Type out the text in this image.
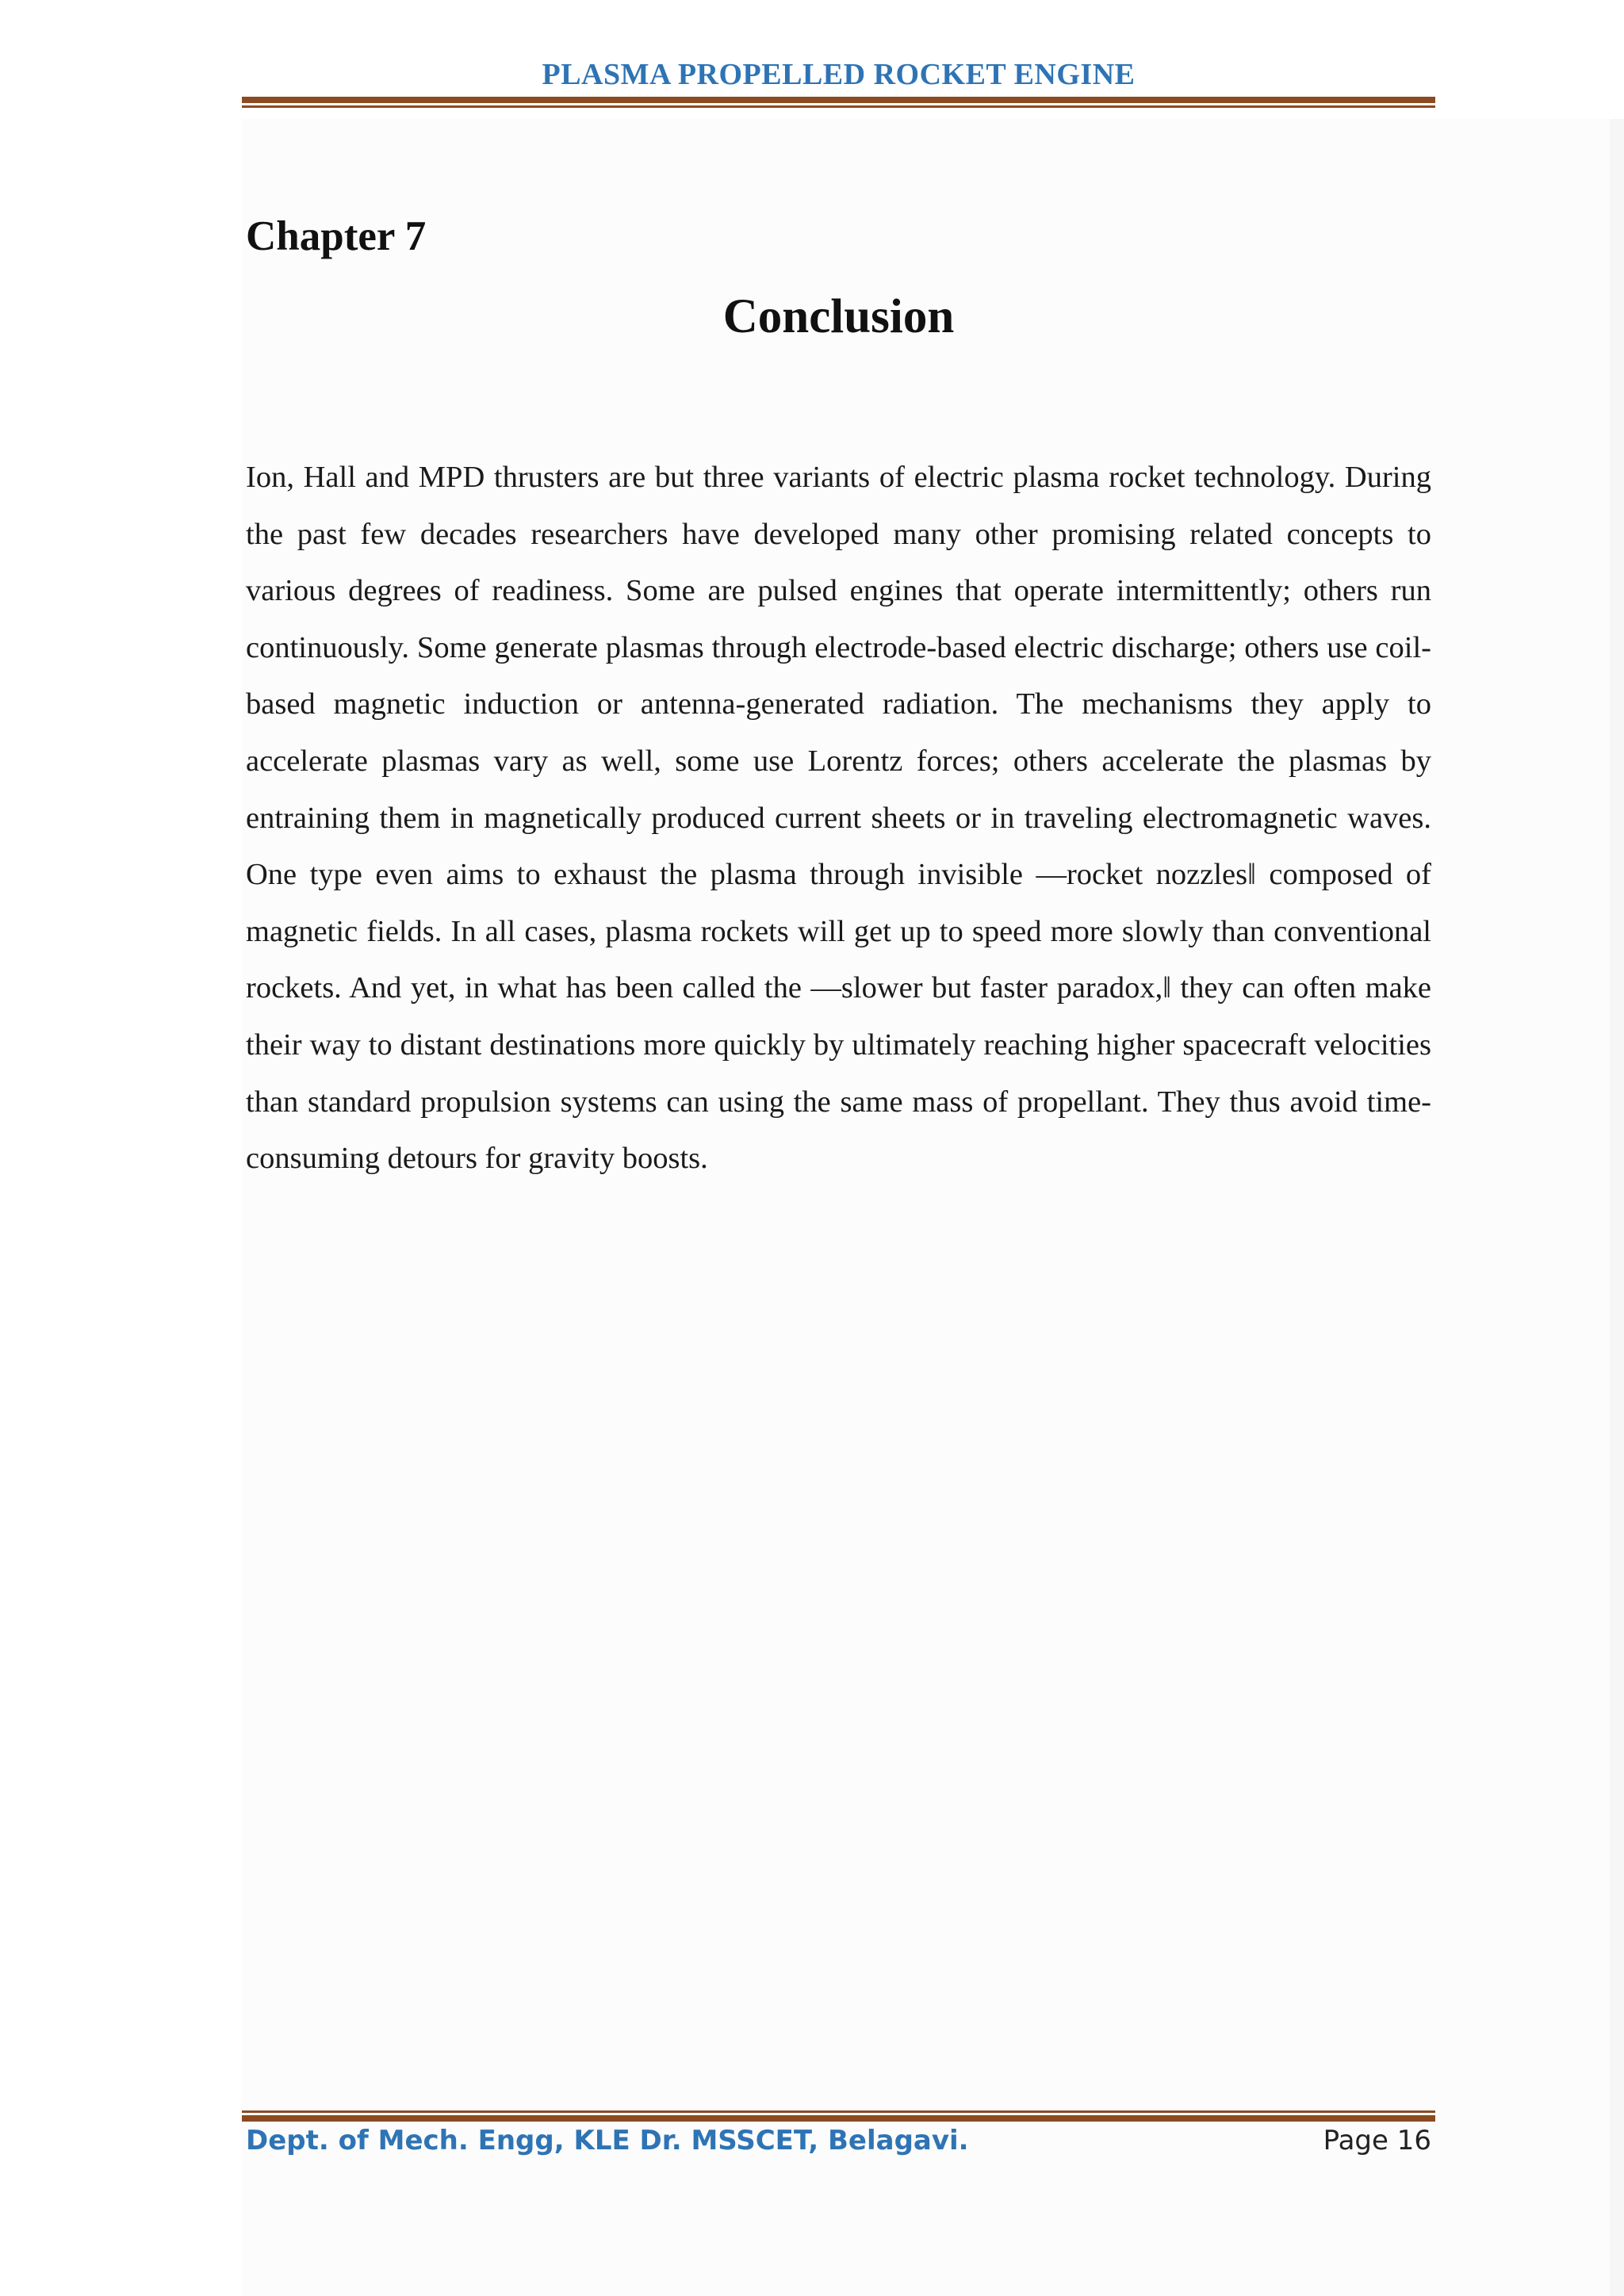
PLASMA PROPELLED ROCKET ENGINE
Chapter 7
Conclusion

Ion, Hall and MPD thrusters are but three variants of electric plasma rocket technology. During the past few decades researchers have developed many other promising related concepts to various degrees of readiness. Some are pulsed engines that operate intermittently; others run continuously. Some generate plasmas through electrode-based electric discharge; others use coil-based magnetic induction or antenna-generated radiation. The mechanisms they apply to accelerate plasmas vary as well, some use Lorentz forces; others accelerate the plasmas by entraining them in magnetically produced current sheets or in traveling electromagnetic waves. One type even aims to exhaust the plasma through invisible ―rocket nozzles‖ composed of magnetic fields. In all cases, plasma rockets will get up to speed more slowly than conventional rockets. And yet, in what has been called the ―slower but faster paradox,‖ they can often make their way to distant destinations more quickly by ultimately reaching higher spacecraft velocities than standard propulsion systems can using the same mass of propellant. They thus avoid time-consuming detours for gravity boosts.

Dept. of Mech. Engg, KLE Dr. MSSCET, Belagavi.	Page 16
